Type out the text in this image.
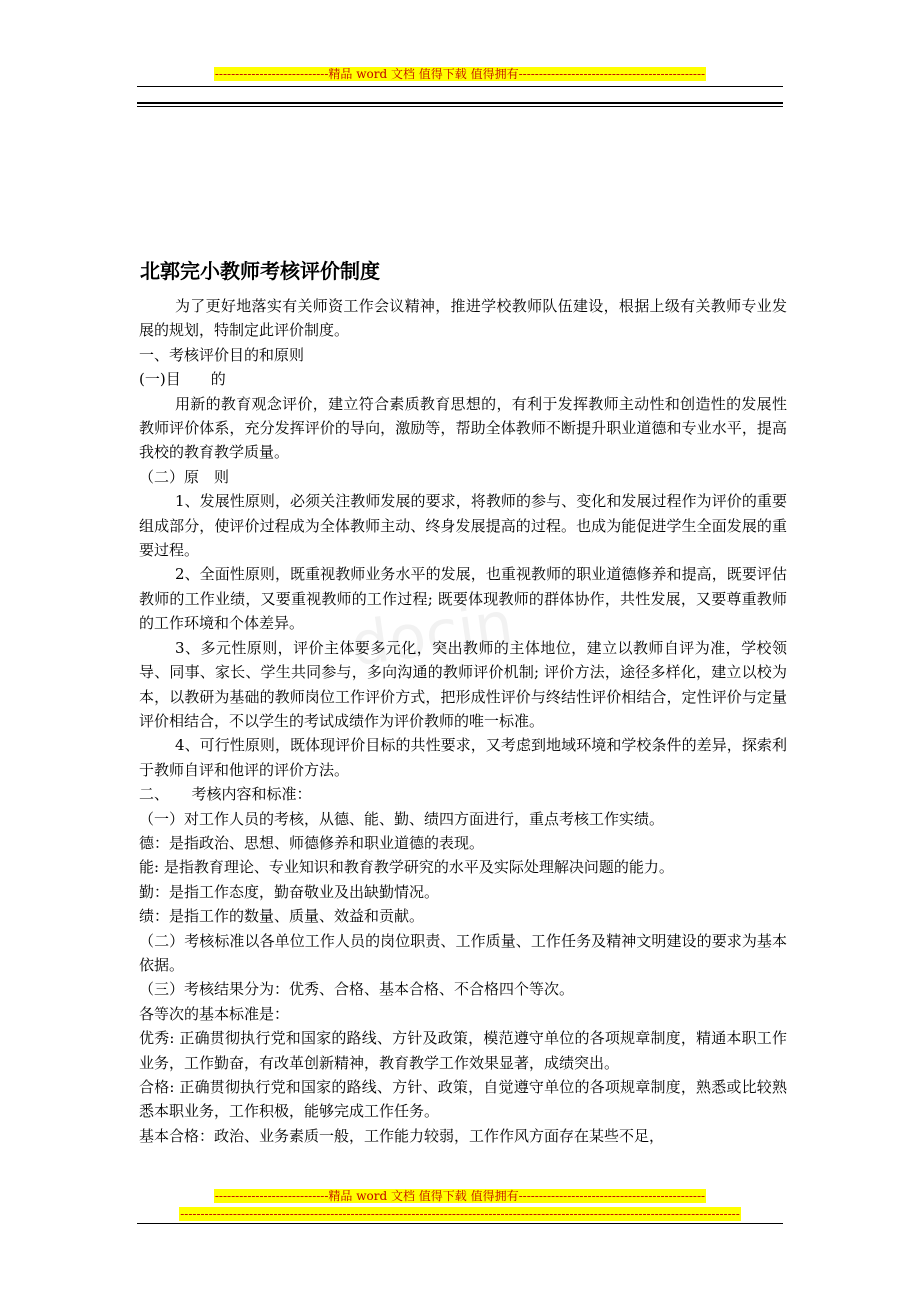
----------------------------精品 word 文档 值得下载 值得拥有----------------------------------------------
docin
北郭完小教师考核评价制度

为了更好地落实有关师资工作会议精神，推进学校教师队伍建设，根据上级有关教师专业发展的规划，特制定此评价制度。

一、考核评价目的和原则

(一)目　　的

用新的教育观念评价，建立符合素质教育思想的，有利于发挥教师主动性和创造性的发展性教师评价体系，充分发挥评价的导向，激励等，帮助全体教师不断提升职业道德和专业水平，提高我校的教育教学质量。

（二）原　则

1、发展性原则，必须关注教师发展的要求，将教师的参与、变化和发展过程作为评价的重要组成部分，使评价过程成为全体教师主动、终身发展提高的过程。也成为能促进学生全面发展的重要过程。

2、全面性原则，既重视教师业务水平的发展，也重视教师的职业道德修养和提高，既要评估教师的工作业绩，又要重视教师的工作过程; 既要体现教师的群体协作，共性发展，又要尊重教师的工作环境和个体差异。

3、多元性原则，评价主体要多元化，突出教师的主体地位，建立以教师自评为准，学校领导、同事、家长、学生共同参与，多向沟通的教师评价机制; 评价方法，途径多样化，建立以校为本，以教研为基础的教师岗位工作评价方式，把形成性评价与终结性评价相结合，定性评价与定量评价相结合，不以学生的考试成绩作为评价教师的唯一标准。

4、可行性原则，既体现评价目标的共性要求，又考虑到地域环境和学校条件的差异，探索利于教师自评和他评的评价方法。

二、　　考核内容和标准：

（一）对工作人员的考核，从德、能、勤、绩四方面进行，重点考核工作实绩。

德：是指政治、思想、师德修养和职业道德的表现。

能: 是指教育理论、专业知识和教育教学研究的水平及实际处理解决问题的能力。

勤：是指工作态度，勤奋敬业及出缺勤情况。

绩：是指工作的数量、质量、效益和贡献。

（二）考核标准以各单位工作人员的岗位职责、工作质量、工作任务及精神文明建设的要求为基本依据。

（三）考核结果分为：优秀、合格、基本合格、不合格四个等次。

各等次的基本标准是：

优秀: 正确贯彻执行党和国家的路线、方针及政策，模范遵守单位的各项规章制度，精通本职工作业务，工作勤奋，有改革创新精神，教育教学工作效果显著，成绩突出。

合格: 正确贯彻执行党和国家的路线、方针、政策，自觉遵守单位的各项规章制度，熟悉或比较熟悉本职业务，工作积极，能够完成工作任务。

基本合格：政治、业务素质一般，工作能力较弱，工作作风方面存在某些不足，

----------------------------精品 word 文档 值得下载 值得拥有----------------------------------------------
------------------------------------------------------------------------------------------------------------------------------------------
